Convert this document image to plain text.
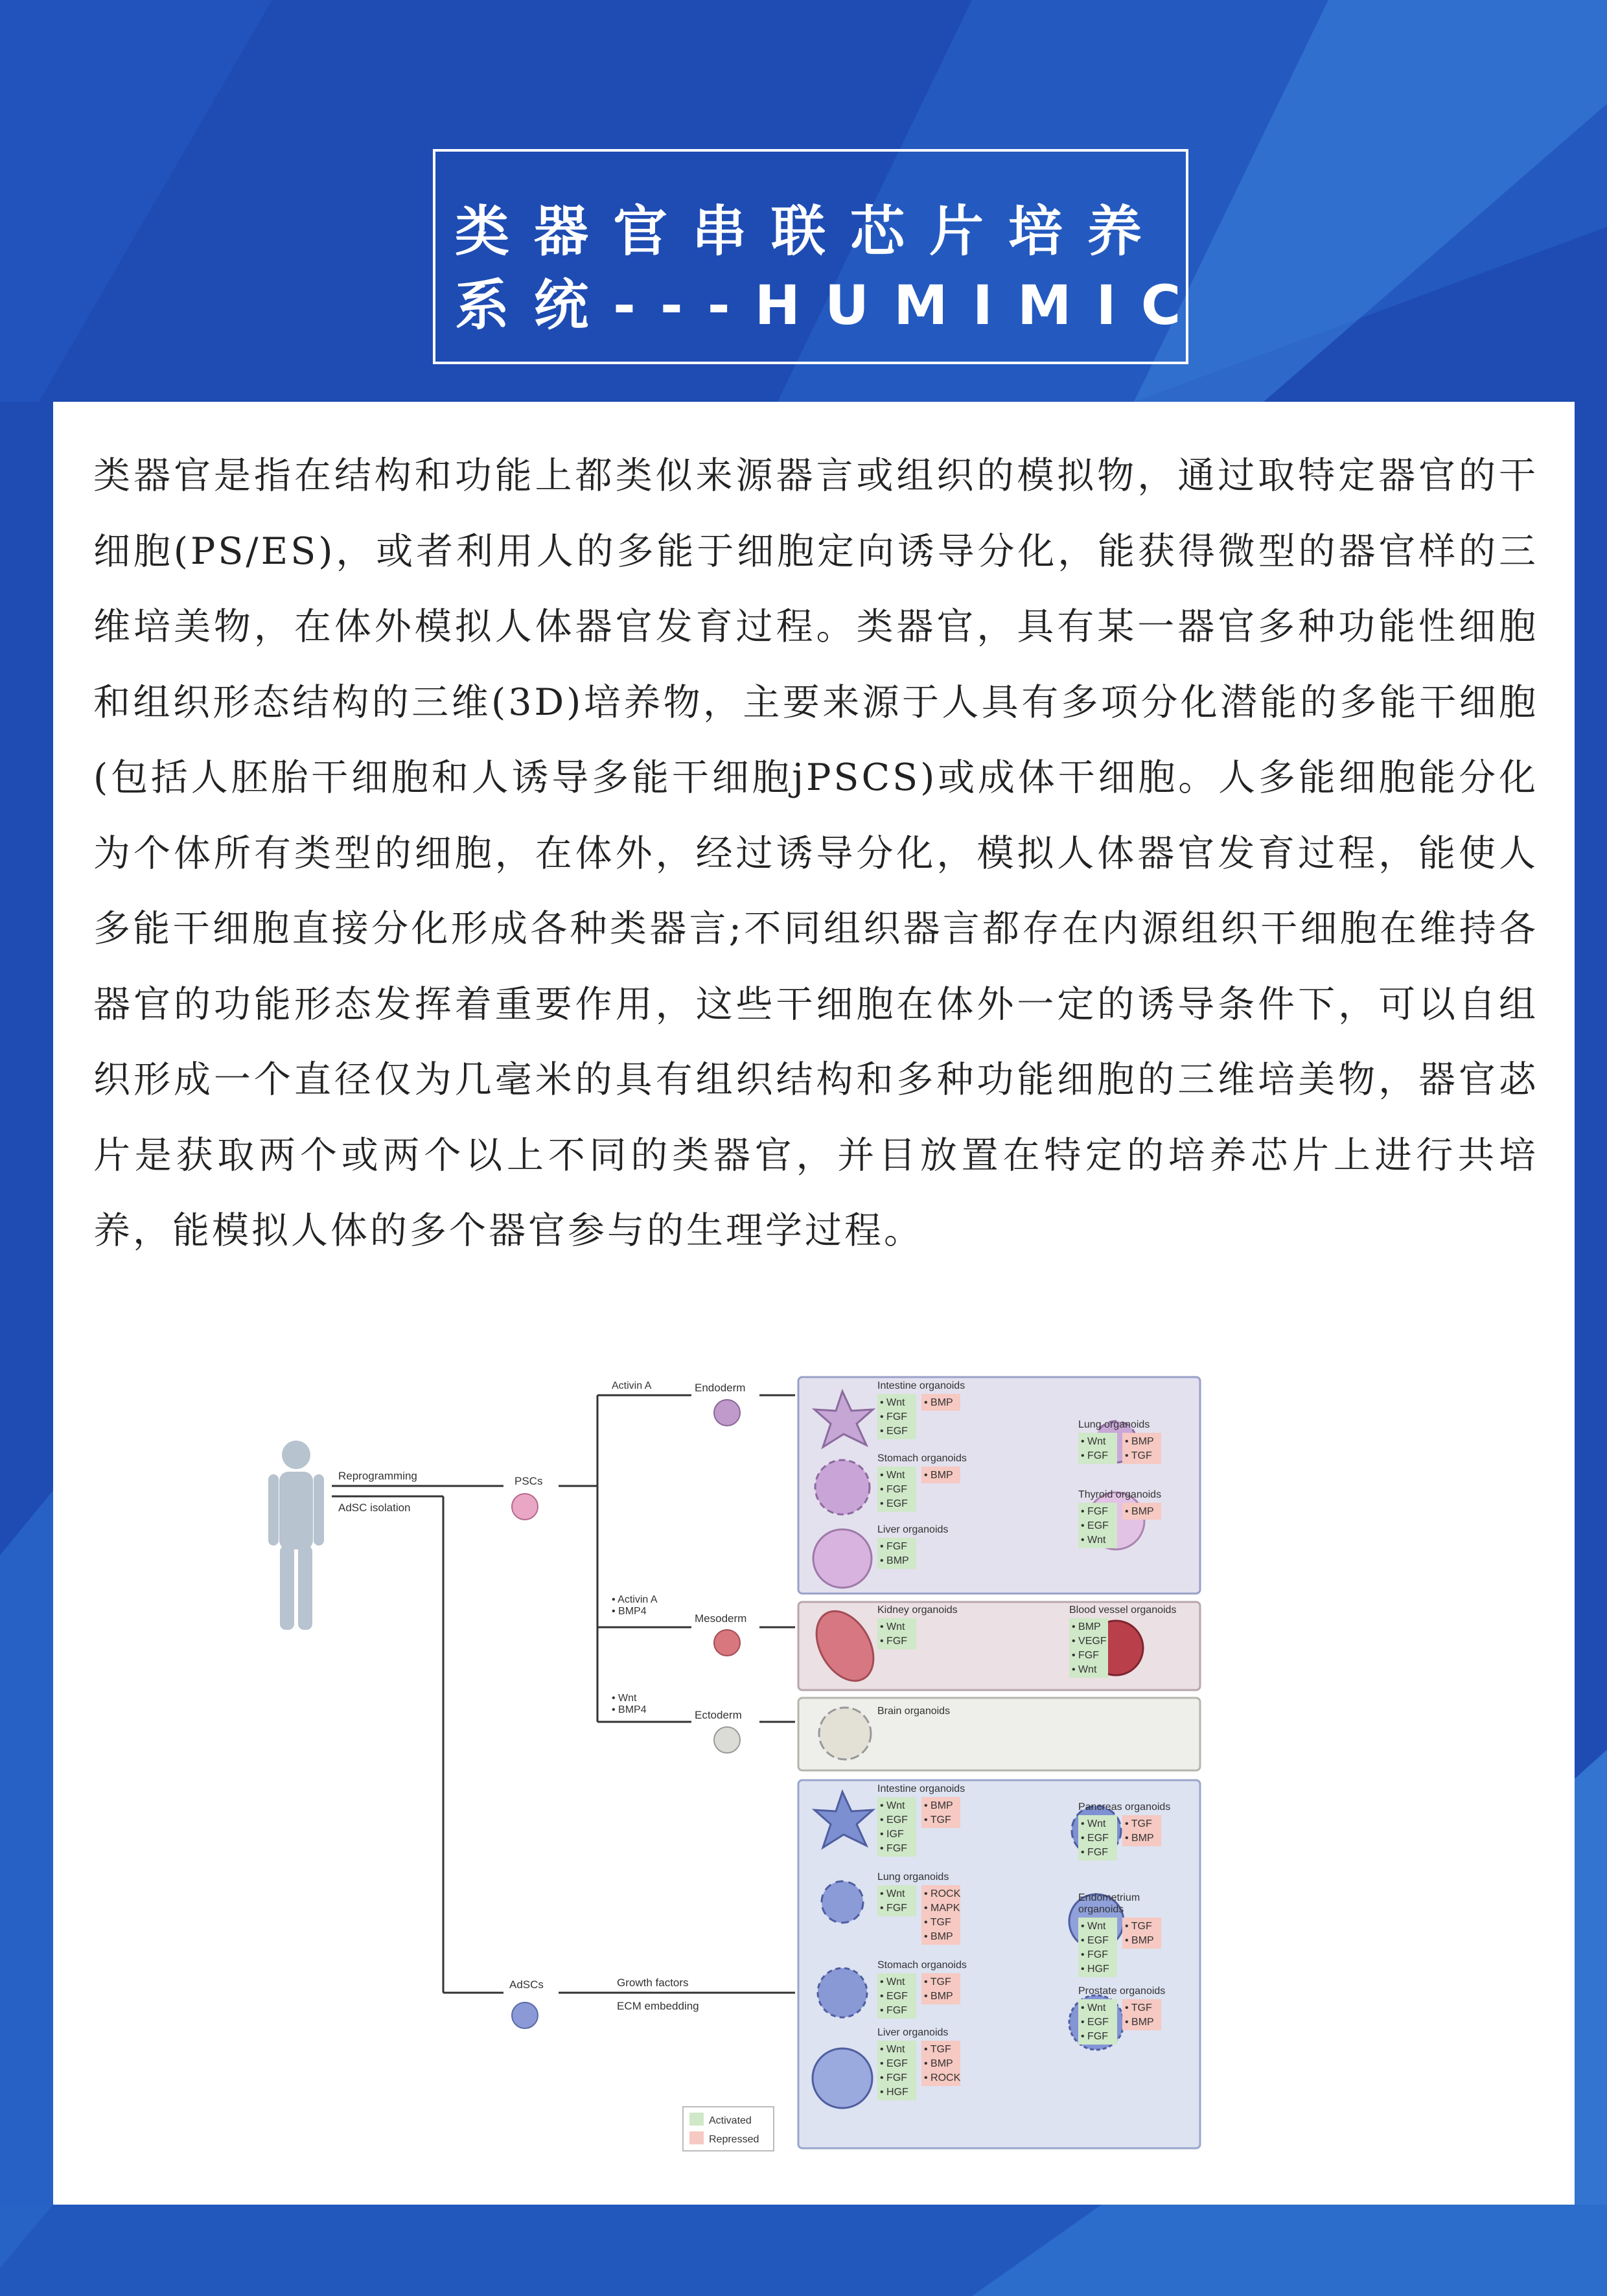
类器官串联芯片培养
系统---HUMIMIC

类器官是指在结构和功能上都类似来源器言或组织的模拟物，通过取特定器官的干细胞(PS/ES)，或者利用人的多能于细胞定向诱导分化，能获得微型的器官样的三维培美物，在体外模拟人体器官发育过程。类器官，具有某一器官多种功能性细胞和组织形态结构的三维(3D)培养物，主要来源于人具有多项分化潜能的多能干细胞(包括人胚胎干细胞和人诱导多能干细胞jPSCS)或成体干细胞。人多能细胞能分化为个体所有类型的细胞，在体外，经过诱导分化，模拟人体器官发育过程，能使人多能干细胞直接分化形成各种类器言;不同组织器言都存在内源组织干细胞在维持各器官的功能形态发挥着重要作用，这些干细胞在体外一定的诱导条件下，可以自组织形成一个直径仅为几毫米的具有组织结构和多种功能细胞的三维培美物，器官苾片是获取两个或两个以上不同的类器官，并目放置在特定的培养芯片上进行共培养，能模拟人体的多个器官参与的生理学过程。

Reprogramming
AdSC isolation
PSCs
AdSCs
Activin A	Endoderm
• Activin A
• BMP4
Mesoderm
• Wnt
• BMP4	Ectoderm
Growth factors
ECM embedding
Intestine organoids
Stomach organoids
Liver organoids
Lung organoids
Thyroid organoids
Kidney organoids	Blood vessel organoids
Brain organoids
Intestine organoids
Lung organoids
Stomach organoids
Liver organoids
Pancreas organoids
Endometrium
organoids
Prostate organoids
• Wnt
• FGF
• EGF
• BMP
• Wnt
• FGF
• EGF
• BMP
• FGF
• BMP
• Wnt
• FGF
• BMP
• TGF
• FGF
• EGF
• Wnt
• BMP
• Wnt
• FGF
• BMP
• VEGF
• FGF
• Wnt
• Wnt
• EGF
• IGF
• FGF
• BMP
• TGF
• Wnt
• FGF
• ROCK
• MAPK
• TGF
• BMP
• Wnt
• EGF
• FGF
• TGF
• BMP
• Wnt
• EGF
• FGF
• HGF
• TGF
• BMP
• ROCK
• Wnt
• EGF
• FGF
• TGF
• BMP
• Wnt
• EGF
• FGF
• HGF
• TGF
• BMP
• Wnt
• EGF
• FGF
• TGF
• BMP
Activated
Repressed
